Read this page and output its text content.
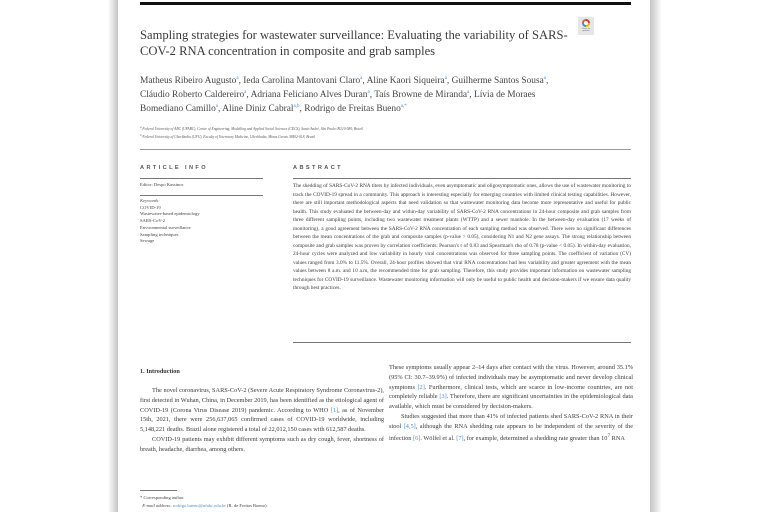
Sampling strategies for wastewater surveillance: Evaluating the variability of SARS-COV-2 RNA concentration in composite and grab samples
Check for updates
Matheus Ribeiro Augusto$^a$, Ieda Carolina Mantovani Claro$^a$, Aline Kaori Siqueira$^a$, Guilherme Santos Sousa$^a$, Cláudio Roberto Caldereiro$^a$, Adriana Feliciano Alves Duran$^a$, Taís Browne de Miranda$^a$, Lívia de Moraes Bomediano Camillo$^a$, Aline Diniz Cabral$^{a,b}$, Rodrigo de Freitas Bueno$^{a,*}$
$^a$ Federal University of ABC (UFABC), Center of Engineering, Modelling and Applied Social Sciences (CECS), Santo André, São Paulo 09210-580, Brazil
$^b$ Federal University of Uberlândia (UFU), Faculty of Veterinary Medicine, Uberlândia, Minas Gerais 38402-018, Brazil
ARTICLE INFO	ABSTRACT
Editor: Despo Kassinos
Keywords:
COVID-19
Wastewater-based epidemiology
SARS-CoV-2
Environmental surveillance
Sampling techniques
Sewage

The shedding of SARS-CoV-2 RNA titers by infected individuals, even asymptomatic and oligosymptomatic ones, allows the use of wastewater monitoring to track the COVID-19 spread in a community. This approach is interesting especially for emerging countries with limited clinical testing capabilities. However, there are still important methodological aspects that need validation so that wastewater monitoring data become more representative and useful for public health. This study evaluated the between-day and within-day variability of SARS-CoV-2 RNA concentrations in 24-hour composite and grab samples from three different sampling points, including two wastewater treatment plants (WTTP) and a sewer manhole. In the between-day evaluation (17 weeks of monitoring), a good agreement between the SARS-CoV-2 RNA concentration of each sampling method was observed. There were no significant differences between the mean concentrations of the grab and composite samples (p-value > 0.05), considering N1 and N2 gene assays. The strong relationship between composite and grab samples was proven by correlation coefficients: Pearson's r of 0.83 and Spearman's rho of 0.78 (p-value < 0.05). In within-day evaluation, 24-hour cycles were analyzed and low variability in hourly viral concentrations was observed for three sampling points. The coefficient of variation (CV) values ranged from 3.0% to 11.5%. Overall, 24-hour profiles showed that viral RNA concentrations had less variability and greater agreement with the mean values between 8 a.m. and 10 a.m, the recommended time for grab sampling. Therefore, this study provides important information on wastewater sampling techniques for COVID-19 surveillance. Wastewater monitoring information will only be useful to public health and decision-makers if we ensure data quality through best practices.

1. Introduction

The novel coronavirus, SARS-CoV-2 (Severe Acute Respiratory Syndrome Coronavirus-2), first detected in Wuhan, China, in December 2019, has been identified as the etiological agent of COVID-19 (Corona Virus Disease 2019) pandemic. According to WHO [1], as of November 15th, 2021, there were 256,637,065 confirmed cases of COVID-19 worldwide, including 5,148,221 deaths. Brazil alone registered a total of 22,012,150 cases with 612,587 deaths.

COVID-19 patients may exhibit different symptoms such as dry cough, fever, shortness of breath, headache, diarrhea, among others.

These symptoms usually appear 2–14 days after contact with the virus. However, around 35.1% (95% CI: 30.7–39.9%) of infected individuals may be asymptomatic and never develop clinical symptoms [2]. Furthermore, clinical tests, which are scarce in low-income countries, are not completely reliable [3]. Therefore, there are significant uncertainties in the epidemiological data available, which must be considered by decision-makers.

Studies suggested that more than 41% of infected patients shed SARS-CoV-2 RNA in their stool [4,5], although the RNA shedding rate appears to be independent of the severity of the infection [6]. Wölfel et al. [7], for example, determined a shedding rate greater than $10^7$ RNA

* Corresponding author.
E-mail address: rodrigo.bueno@ufabc.edu.br (R. de Freitas Bueno).
